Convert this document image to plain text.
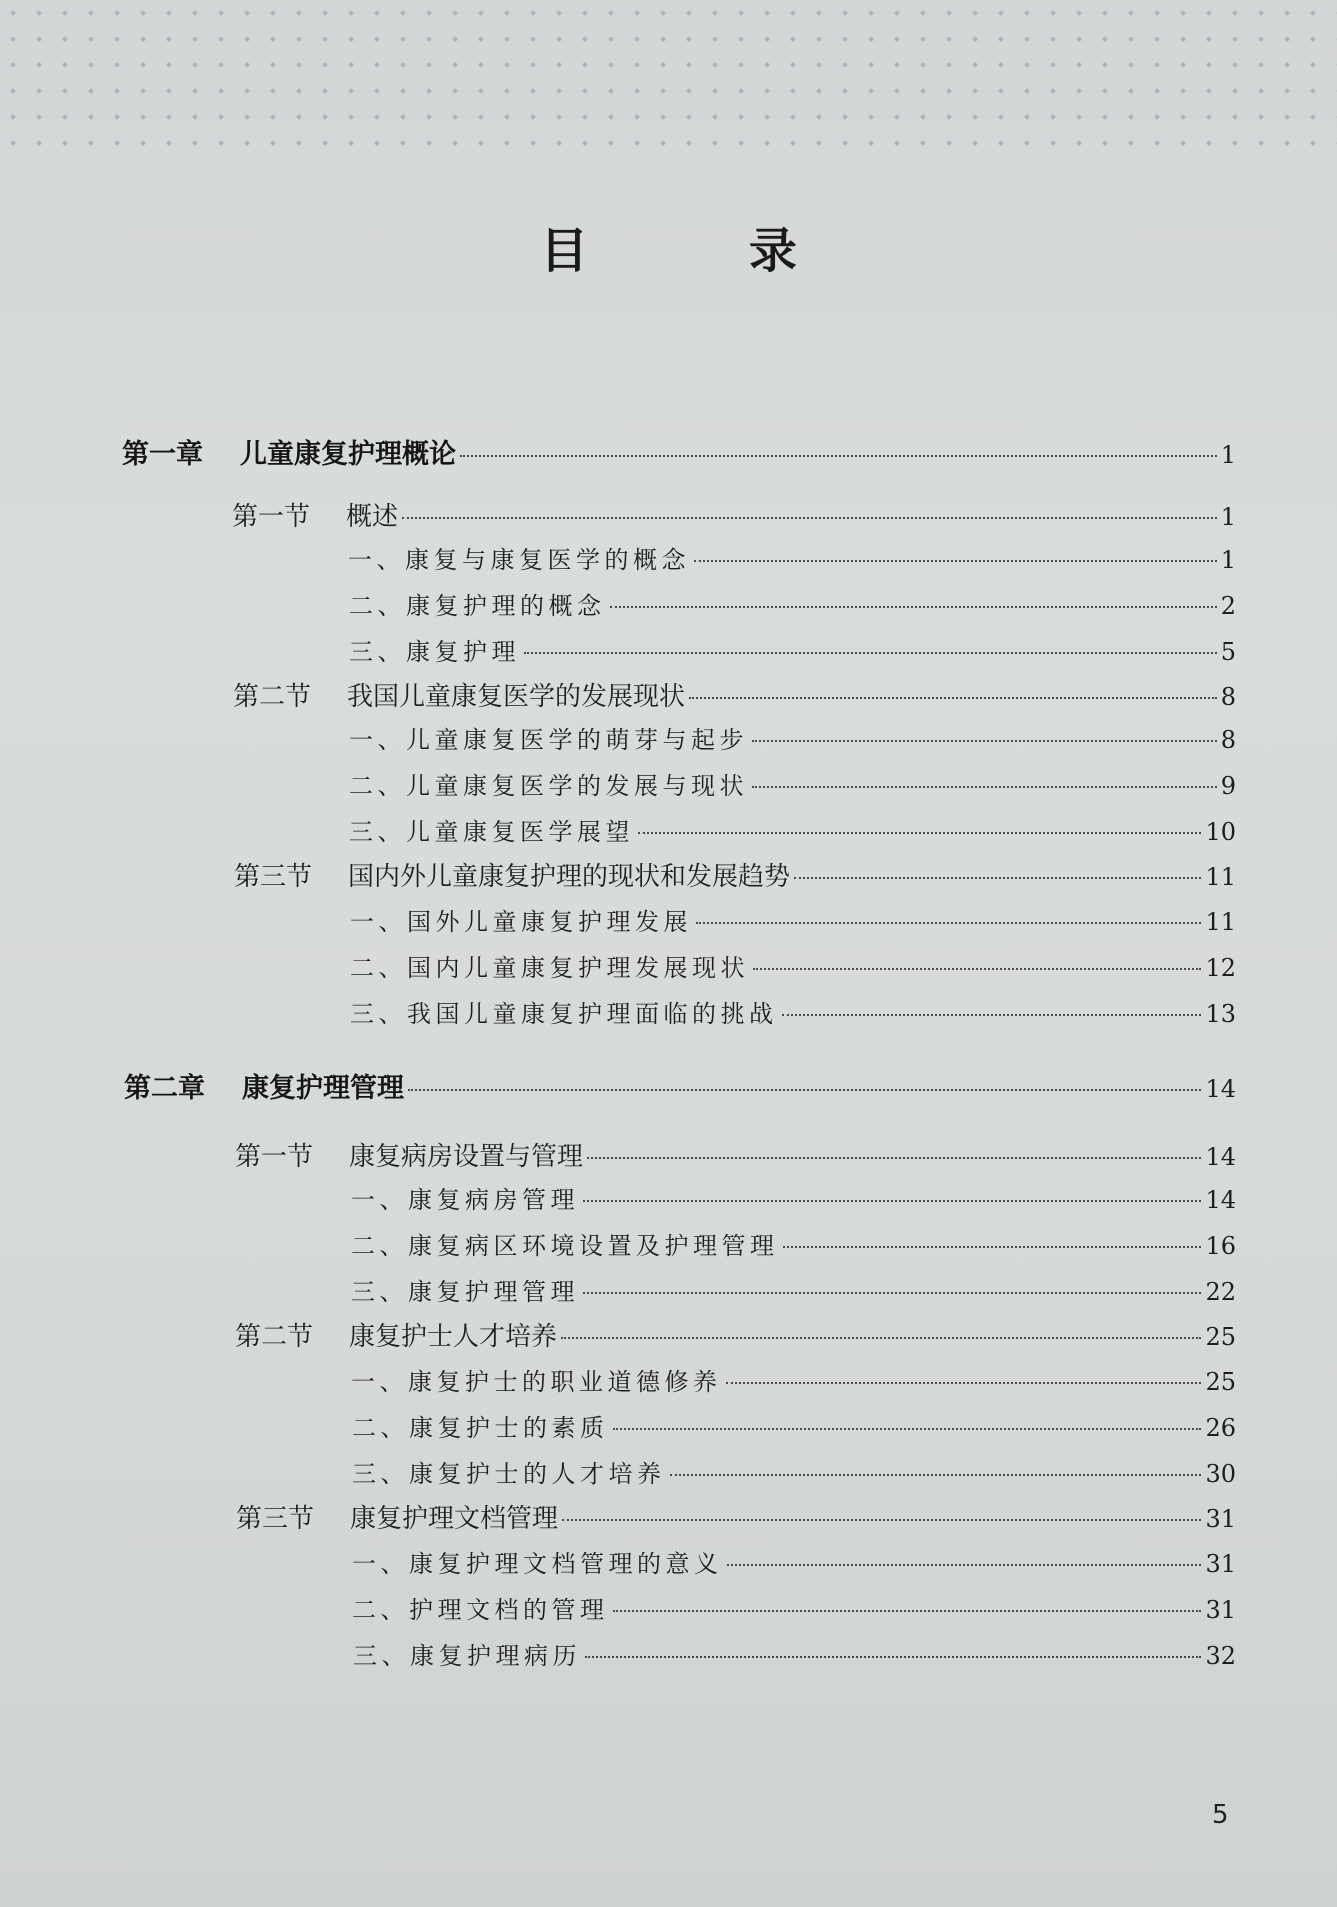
目 录
第一章	儿童康复护理概论	1
第一节	概述	1
一、康复与康复医学的概念	1
二、康复护理的概念	2
三、康复护理	5
第二节	我国儿童康复医学的发展现状	8
一、儿童康复医学的萌芽与起步	8
二、儿童康复医学的发展与现状	9
三、儿童康复医学展望	10
第三节	国内外儿童康复护理的现状和发展趋势	11
一、国外儿童康复护理发展	11
二、国内儿童康复护理发展现状	12
三、我国儿童康复护理面临的挑战	13
第二章	康复护理管理	14
第一节	康复病房设置与管理	14
一、康复病房管理	14
二、康复病区环境设置及护理管理	16
三、康复护理管理	22
第二节	康复护士人才培养	25
一、康复护士的职业道德修养	25
二、康复护士的素质	26
三、康复护士的人才培养	30
第三节	康复护理文档管理	31
一、康复护理文档管理的意义	31
二、护理文档的管理	31
三、康复护理病历	32
5
